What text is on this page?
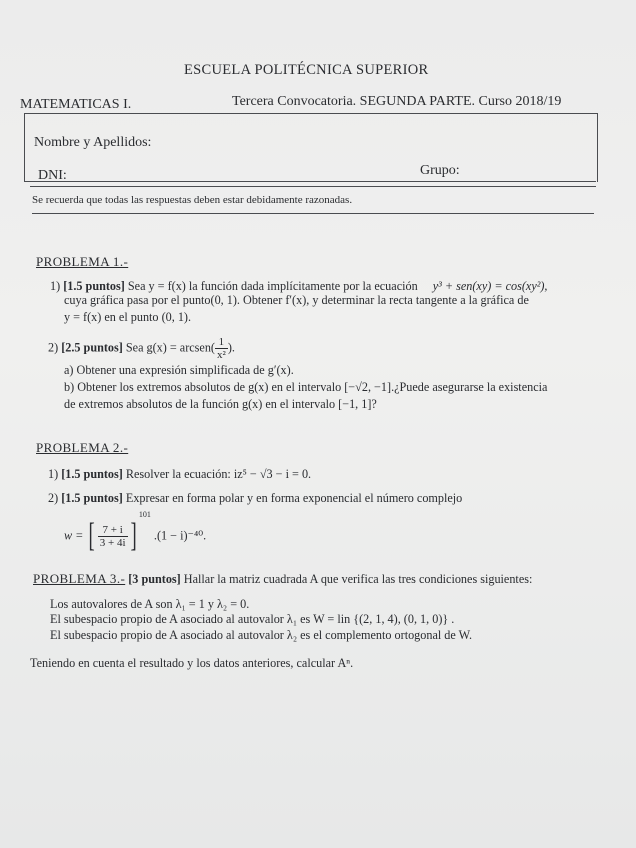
ESCUELA POLITÉCNICA SUPERIOR
MATEMATICAS I.	Tercera Convocatoria. SEGUNDA PARTE. Curso 2018/19
Nombre y Apellidos:
DNI:	Grupo:
Se recuerda que todas las respuestas deben estar debidamente razonadas.
PROBLEMA 1.-
1) [1.5 puntos] Sea y = f(x) la función dada implícitamente por la ecuación y³ + sen(xy) = cos(xy²),
cuya gráfica pasa por el punto(0, 1). Obtener f′(x), y determinar la recta tangente a la gráfica de
y = f(x) en el punto (0, 1).
2) [2.5 puntos] Sea g(x) = arcsen( $\frac{1}{\text{x²}}$ ).
a) Obtener una expresión simplificada de g′(x).
b) Obtener los extremos absolutos de g(x) en el intervalo [−√2, −1].¿Puede asegurarse la existencia
de extremos absolutos de la función g(x) en el intervalo [−1, 1]?
PROBLEMA 2.-
1) [1.5 puntos] Resolver la ecuación: iz⁵ − √3 − i = 0.
2) [1.5 puntos] Expresar en forma polar y en forma exponencial el número complejo
w = [ $\frac{7 + i}{3 + 4i} ]^{101}$ .(1 − i)⁻⁴⁰.
PROBLEMA 3.- [3 puntos] Hallar la matriz cuadrada A que verifica las tres condiciones siguientes:
Los autovalores de A son λ₁ = 1 y λ₂ = 0.
El subespacio propio de A asociado al autovalor λ₁ es W = lin {(2, 1, 4), (0, 1, 0)} .
El subespacio propio de A asociado al autovalor λ₂ es el complemento ortogonal de W.
Teniendo en cuenta el resultado y los datos anteriores, calcular Aⁿ.
